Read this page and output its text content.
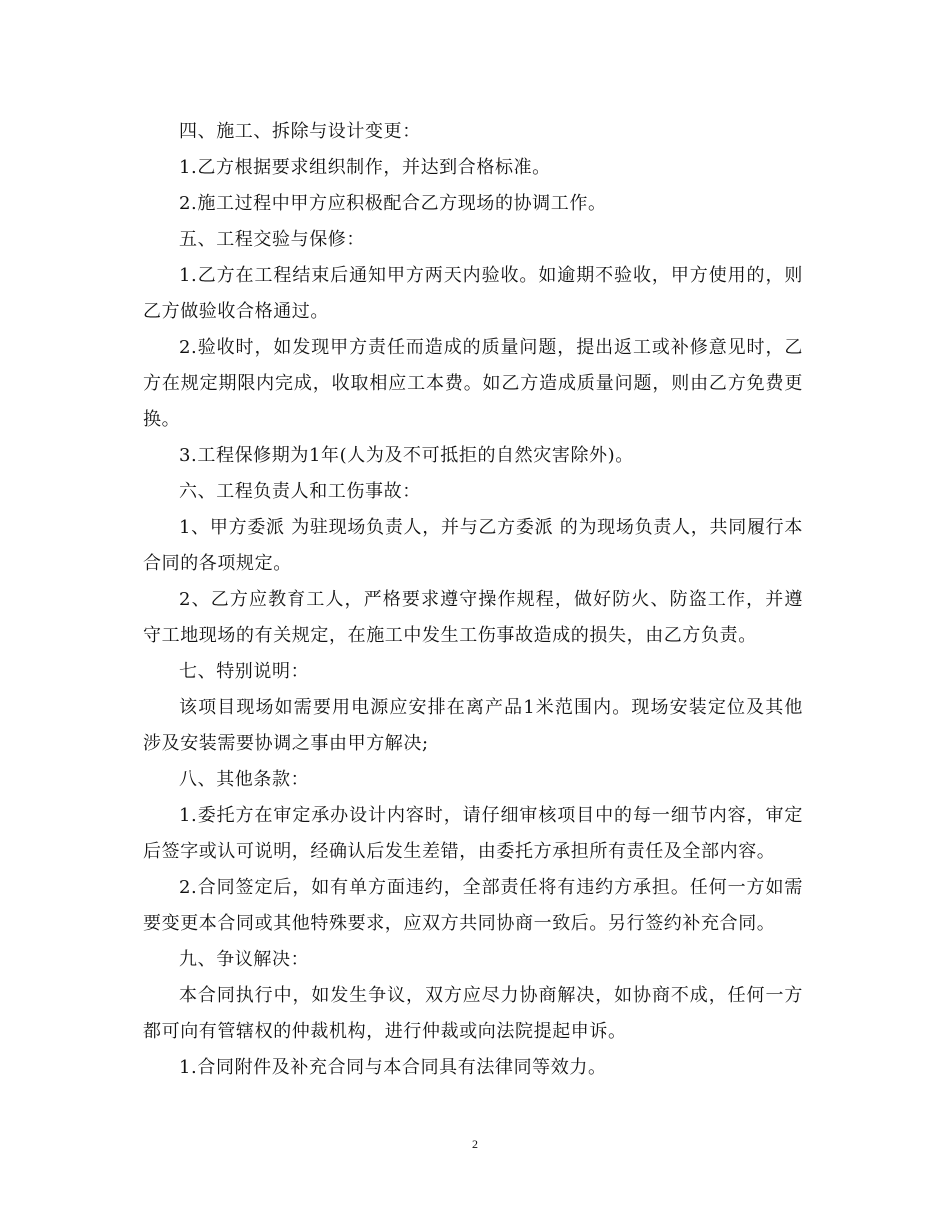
四、施工、拆除与设计变更：

1.乙方根据要求组织制作，并达到合格标准。

2.施工过程中甲方应积极配合乙方现场的协调工作。

五、工程交验与保修：

1.乙方在工程结束后通知甲方两天内验收。如逾期不验收，甲方使用的，则乙方做验收合格通过。

2.验收时，如发现甲方责任而造成的质量问题，提出返工或补修意见时，乙方在规定期限内完成，收取相应工本费。如乙方造成质量问题，则由乙方免费更换。

3.工程保修期为1年(人为及不可抵拒的自然灾害除外)。

六、工程负责人和工伤事故：

1、甲方委派 为驻现场负责人，并与乙方委派 的为现场负责人，共同履行本合同的各项规定。

2、乙方应教育工人，严格要求遵守操作规程，做好防火、防盗工作，并遵守工地现场的有关规定，在施工中发生工伤事故造成的损失，由乙方负责。

七、特别说明：

该项目现场如需要用电源应安排在离产品1米范围内。现场安装定位及其他涉及安装需要协调之事由甲方解决;

八、其他条款：

1.委托方在审定承办设计内容时，请仔细审核项目中的每一细节内容，审定后签字或认可说明，经确认后发生差错，由委托方承担所有责任及全部内容。

2.合同签定后，如有单方面违约，全部责任将有违约方承担。任何一方如需要变更本合同或其他特殊要求，应双方共同协商一致后。另行签约补充合同。

九、争议解决：

本合同执行中，如发生争议，双方应尽力协商解决，如协商不成，任何一方都可向有管辖权的仲裁机构，进行仲裁或向法院提起申诉。

1.合同附件及补充合同与本合同具有法律同等效力。

2
